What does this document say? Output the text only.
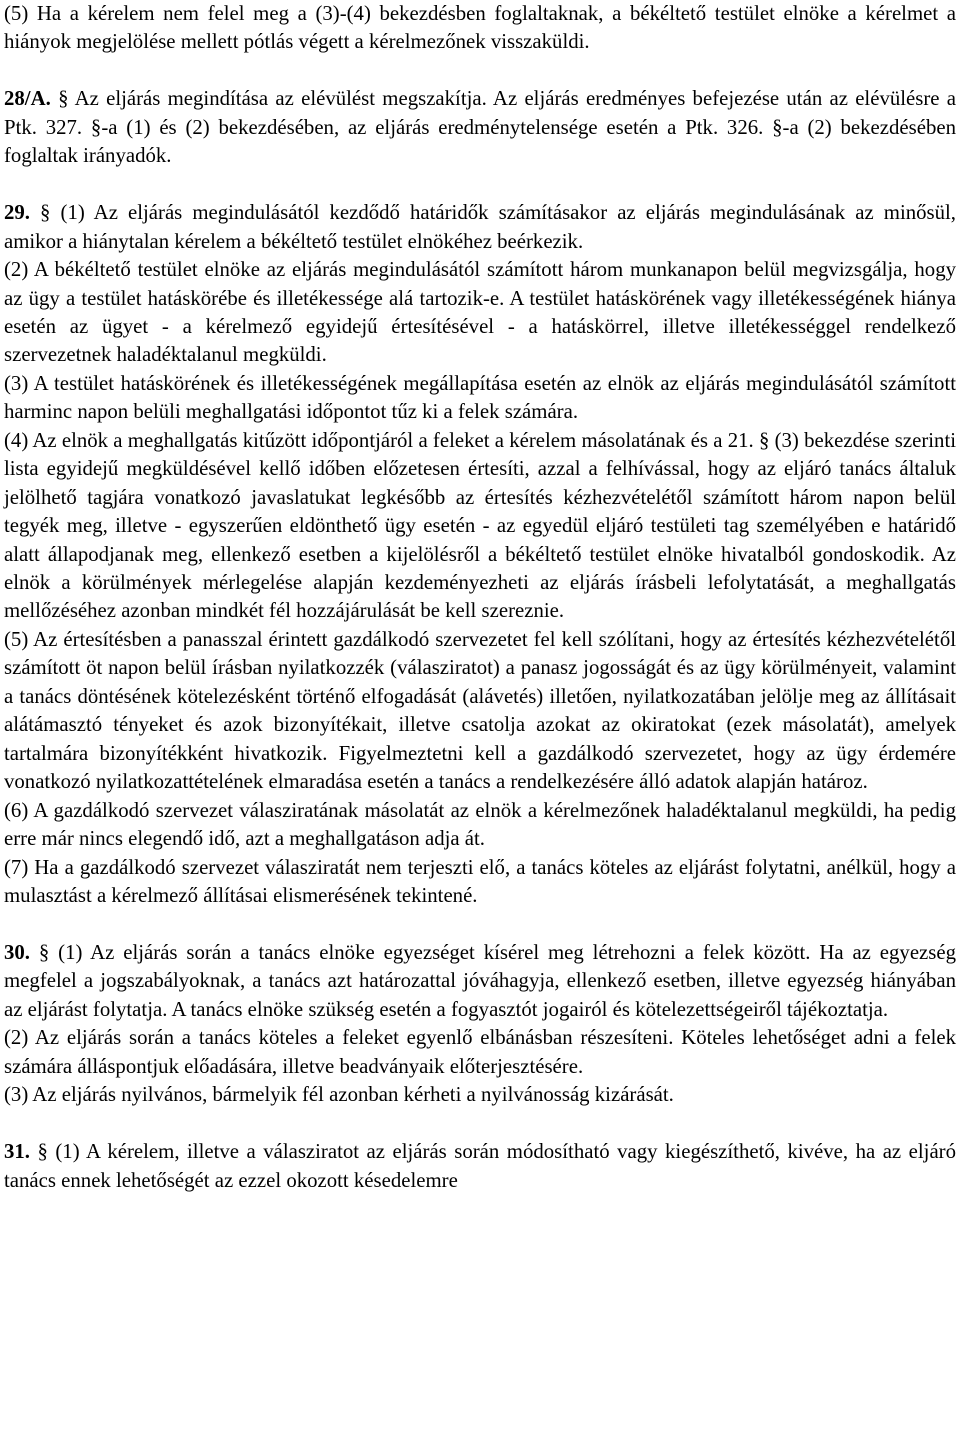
(5) Ha a kérelem nem felel meg a (3)-(4) bekezdésben foglaltaknak, a békéltető testület elnöke a kérelmet a hiányok megjelölése mellett pótlás végett a kérelmezőnek visszaküldi.

28/A. § Az eljárás megindítása az elévülést megszakítja. Az eljárás eredményes befejezése után az elévülésre a Ptk. 327. §-a (1) és (2) bekezdésében, az eljárás eredménytelensége esetén a Ptk. 326. §-a (2) bekezdésében foglaltak irányadók.

29. § (1) Az eljárás megindulásától kezdődő határidők számításakor az eljárás megindulásának az minősül, amikor a hiánytalan kérelem a békéltető testület elnökéhez beérkezik.

(2) A békéltető testület elnöke az eljárás megindulásától számított három munkanapon belül megvizsgálja, hogy az ügy a testület hatáskörébe és illetékessége alá tartozik-e. A testület hatáskörének vagy illetékességének hiánya esetén az ügyet - a kérelmező egyidejű értesítésével - a hatáskörrel, illetve illetékességgel rendelkező szervezetnek haladéktalanul megküldi.

(3) A testület hatáskörének és illetékességének megállapítása esetén az elnök az eljárás megindulásától számított harminc napon belüli meghallgatási időpontot tűz ki a felek számára.

(4) Az elnök a meghallgatás kitűzött időpontjáról a feleket a kérelem másolatának és a 21. § (3) bekezdése szerinti lista egyidejű megküldésével kellő időben előzetesen értesíti, azzal a felhívással, hogy az eljáró tanács általuk jelölhető tagjára vonatkozó javaslatukat legkésőbb az értesítés kézhezvételétől számított három napon belül tegyék meg, illetve - egyszerűen eldönthető ügy esetén - az egyedül eljáró testületi tag személyében e határidő alatt állapodjanak meg, ellenkező esetben a kijelölésről a békéltető testület elnöke hivatalból gondoskodik. Az elnök a körülmények mérlegelése alapján kezdeményezheti az eljárás írásbeli lefolytatását, a meghallgatás mellőzéséhez azonban mindkét fél hozzájárulását be kell szereznie.

(5) Az értesítésben a panasszal érintett gazdálkodó szervezetet fel kell szólítani, hogy az értesítés kézhezvételétől számított öt napon belül írásban nyilatkozzék (válasziratot) a panasz jogosságát és az ügy körülményeit, valamint a tanács döntésének kötelezésként történő elfogadását (alávetés) illetően, nyilatkozatában jelölje meg az állításait alátámasztó tényeket és azok bizonyítékait, illetve csatolja azokat az okiratokat (ezek másolatát), amelyek tartalmára bizonyítékként hivatkozik. Figyelmeztetni kell a gazdálkodó szervezetet, hogy az ügy érdemére vonatkozó nyilatkozattételének elmaradása esetén a tanács a rendelkezésére álló adatok alapján határoz.

(6) A gazdálkodó szervezet válasziratának másolatát az elnök a kérelmezőnek haladéktalanul megküldi, ha pedig erre már nincs elegendő idő, azt a meghallgatáson adja át.

(7) Ha a gazdálkodó szervezet válasziratát nem terjeszti elő, a tanács köteles az eljárást folytatni, anélkül, hogy a mulasztást a kérelmező állításai elismerésének tekintené.

30. § (1) Az eljárás során a tanács elnöke egyezséget kísérel meg létrehozni a felek között. Ha az egyezség megfelel a jogszabályoknak, a tanács azt határozattal jóváhagyja, ellenkező esetben, illetve egyezség hiányában az eljárást folytatja. A tanács elnöke szükség esetén a fogyasztót jogairól és kötelezettségeiről tájékoztatja.

(2) Az eljárás során a tanács köteles a feleket egyenlő elbánásban részesíteni. Köteles lehetőséget adni a felek számára álláspontjuk előadására, illetve beadványaik előterjesztésére.

(3) Az eljárás nyilvános, bármelyik fél azonban kérheti a nyilvánosság kizárását.

31. § (1) A kérelem, illetve a válasziratot az eljárás során módosítható vagy kiegészíthető, kivéve, ha az eljáró tanács ennek lehetőségét az ezzel okozott késedelemre
